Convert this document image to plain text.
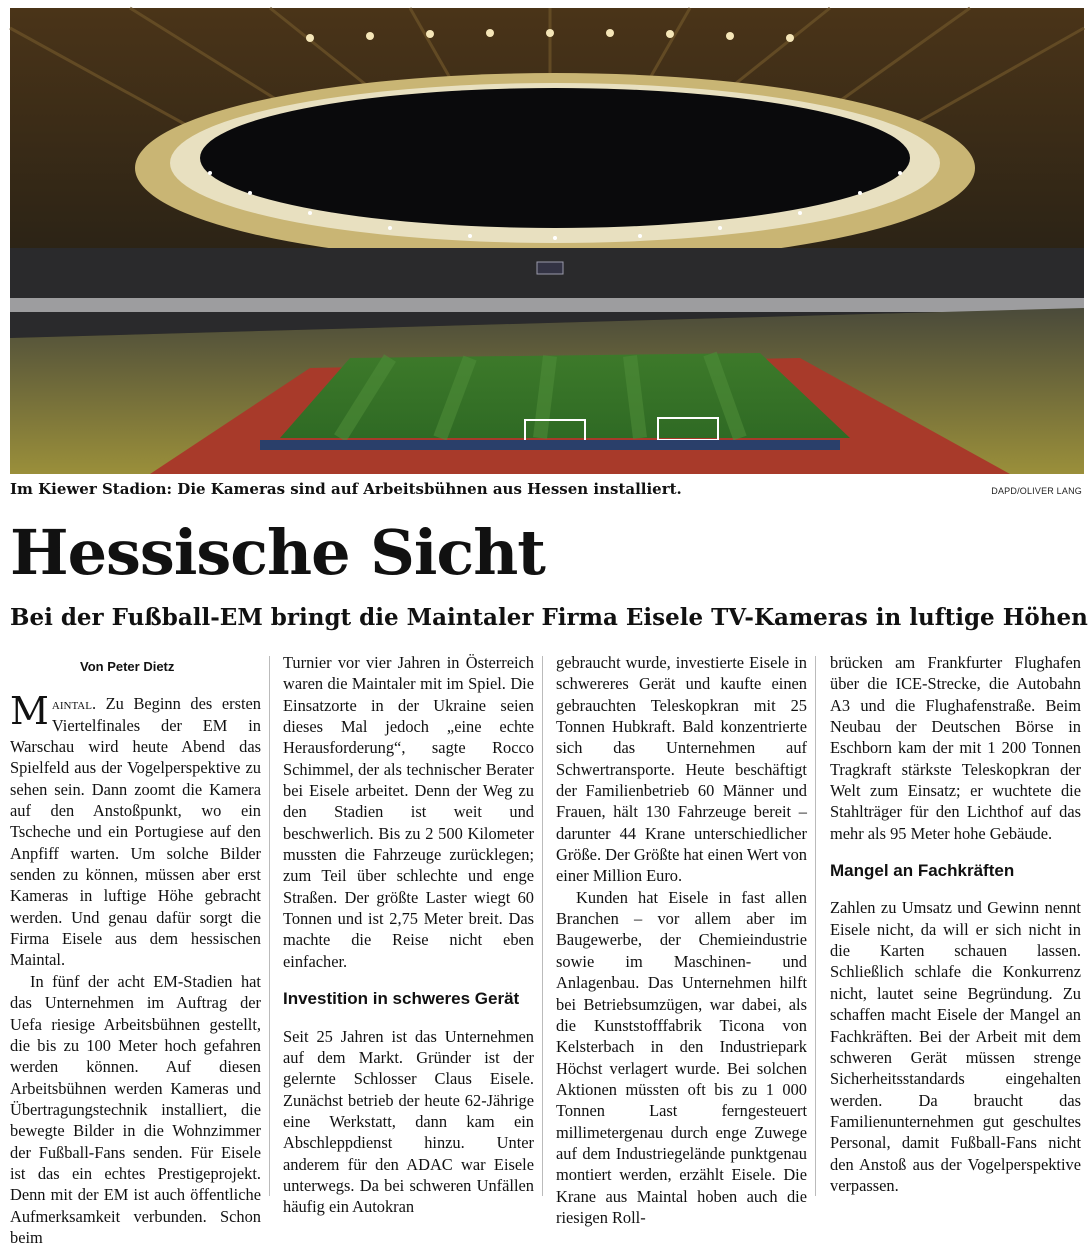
Im Kiewer Stadion: Die Kameras sind auf Arbeitsbühnen aus Hessen installiert.	DAPD/OLIVER LANG
Hessische Sicht
Bei der Fußball-EM bringt die Maintaler Firma Eisele TV-Kameras in luftige Höhen
Von Peter Dietz

Maintal. Zu Beginn des ersten Viertelfinales der EM in Warschau wird heute Abend das Spielfeld aus der Vogelperspektive zu sehen sein. Dann zoomt die Kamera auf den Anstoßpunkt, wo ein Tscheche und ein Portugiese auf den Anpfiff warten. Um solche Bilder senden zu können, müssen aber erst Kameras in luftige Höhe gebracht werden. Und genau dafür sorgt die Firma Eisele aus dem hessischen Maintal.

In fünf der acht EM-Stadien hat das Unternehmen im Auftrag der Uefa riesige Arbeitsbühnen gestellt, die bis zu 100 Meter hoch gefahren werden können. Auf diesen Arbeitsbühnen werden Kameras und Übertragungstechnik installiert, die bewegte Bilder in die Wohnzimmer der Fußball-Fans senden. Für Eisele ist das ein echtes Prestigeprojekt. Denn mit der EM ist auch öffentliche Aufmerksamkeit verbunden. Schon beim

Turnier vor vier Jahren in Österreich waren die Maintaler mit im Spiel. Die Einsatzorte in der Ukraine seien dieses Mal jedoch „eine echte Herausforderung“, sagte Rocco Schimmel, der als technischer Berater bei Eisele arbeitet. Denn der Weg zu den Stadien ist weit und beschwerlich. Bis zu 2 500 Kilometer mussten die Fahrzeuge zurücklegen; zum Teil über schlechte und enge Straßen. Der größte Laster wiegt 60 Tonnen und ist 2,75 Meter breit. Das machte die Reise nicht eben einfacher.

Investition in schweres Gerät

Seit 25 Jahren ist das Unternehmen auf dem Markt. Gründer ist der gelernte Schlosser Claus Eisele. Zunächst betrieb der heute 62-Jährige eine Werkstatt, dann kam ein Abschleppdienst hinzu. Unter anderem für den ADAC war Eisele unterwegs. Da bei schweren Unfällen häufig ein Autokran

gebraucht wurde, investierte Eisele in schwereres Gerät und kaufte einen gebrauchten Teleskopkran mit 25 Tonnen Hubkraft. Bald konzentrierte sich das Unternehmen auf Schwertransporte. Heute beschäftigt der Familienbetrieb 60 Männer und Frauen, hält 130 Fahrzeuge bereit – darunter 44 Krane unterschiedlicher Größe. Der Größte hat einen Wert von einer Million Euro.

Kunden hat Eisele in fast allen Branchen – vor allem aber im Baugewerbe, der Chemieindustrie sowie im Maschinen- und Anlagenbau. Das Unternehmen hilft bei Betriebsumzügen, war dabei, als die Kunststofffabrik Ticona von Kelsterbach in den Industriepark Höchst verlagert wurde. Bei solchen Aktionen müssten oft bis zu 1 000 Tonnen Last ferngesteuert millimetergenau durch enge Zuwege auf dem Industriegelände punktgenau montiert werden, erzählt Eisele. Die Krane aus Maintal hoben auch die riesigen Roll-

brücken am Frankfurter Flughafen über die ICE-Strecke, die Autobahn A3 und die Flughafenstraße. Beim Neubau der Deutschen Börse in Eschborn kam der mit 1 200 Tonnen Tragkraft stärkste Teleskopkran der Welt zum Einsatz; er wuchtete die Stahlträger für den Lichthof auf das mehr als 95 Meter hohe Gebäude.

Mangel an Fachkräften

Zahlen zu Umsatz und Gewinn nennt Eisele nicht, da will er sich nicht in die Karten schauen lassen. Schließlich schlafe die Konkurrenz nicht, lautet seine Begründung. Zu schaffen macht Eisele der Mangel an Fachkräften. Bei der Arbeit mit dem schweren Gerät müssen strenge Sicherheitsstandards eingehalten werden. Da braucht das Familienunternehmen gut geschultes Personal, damit Fußball-Fans nicht den Anstoß aus der Vogelperspektive verpassen.
